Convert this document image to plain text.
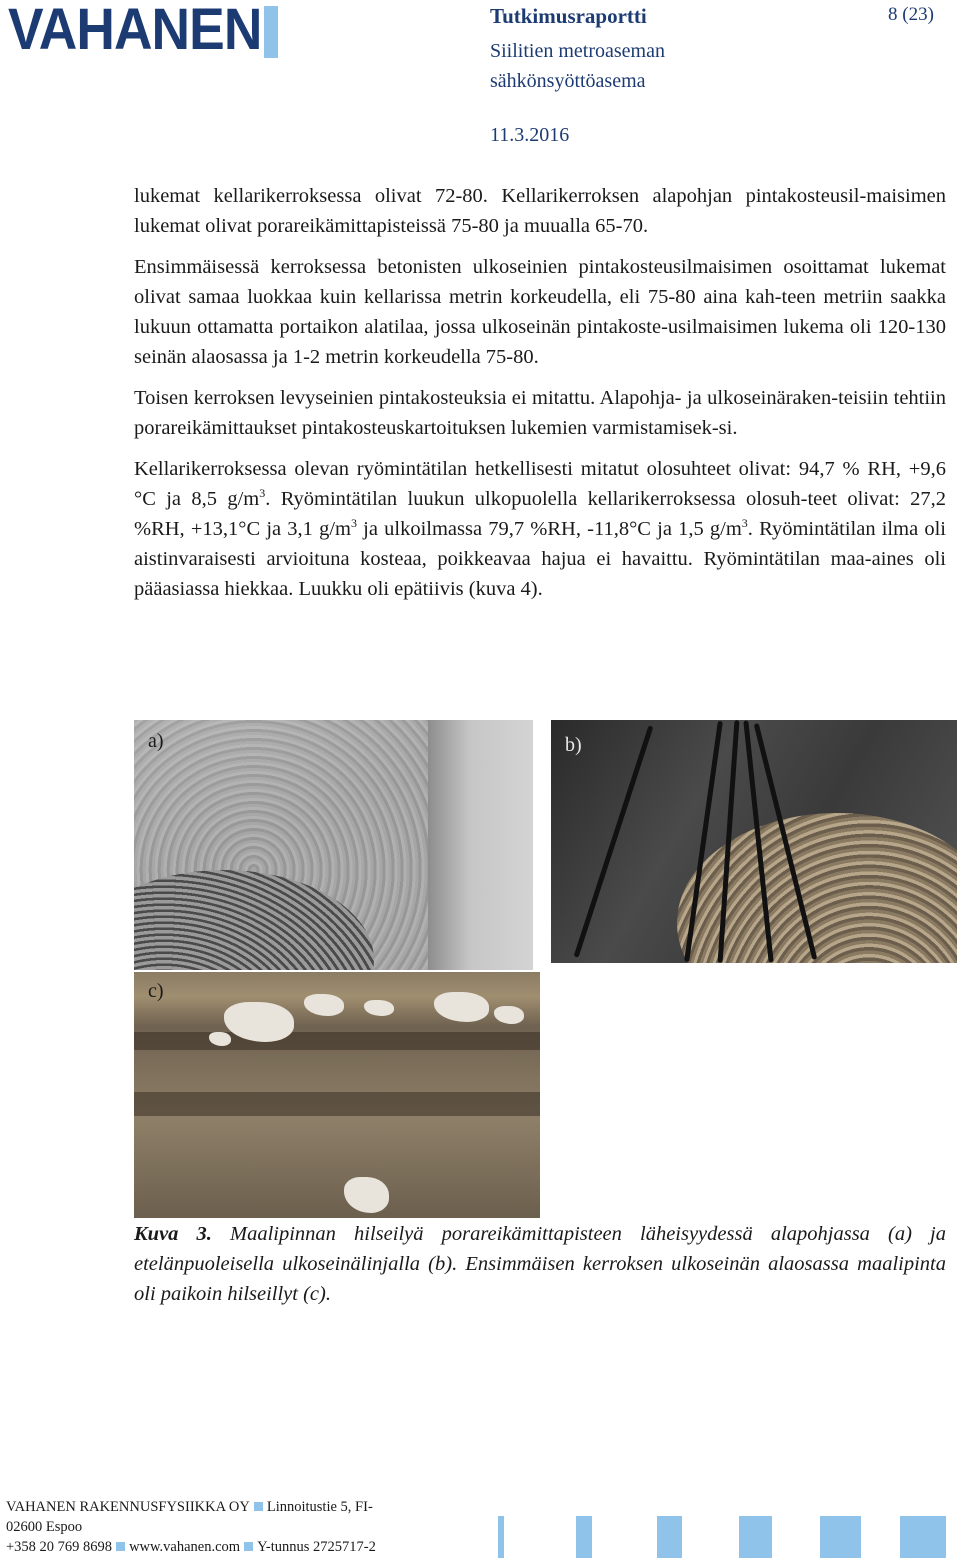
VAHANEN	Tutkimusraportti
Siilitien metroaseman
sähkönsyöttöasema
11.3.2016
8 (23)

lukemat kellarikerroksessa olivat 72-80. Kellarikerroksen alapohjan pintakosteusil-maisimen lukemat olivat porareikämittapisteissä 75-80 ja muualla 65-70.

Ensimmäisessä kerroksessa betonisten ulkoseinien pintakosteusilmaisimen osoittamat lukemat olivat samaa luokkaa kuin kellarissa metrin korkeudella, eli 75-80 aina kah-teen metriin saakka lukuun ottamatta portaikon alatilaa, jossa ulkoseinän pintakoste-usilmaisimen lukema oli 120-130 seinän alaosassa ja 1-2 metrin korkeudella 75-80.

Toisen kerroksen levyseinien pintakosteuksia ei mitattu. Alapohja- ja ulkoseinäraken-teisiin tehtiin porareikämittaukset pintakosteuskartoituksen lukemien varmistamisek-si.

Kellarikerroksessa olevan ryömintätilan hetkellisesti mitatut olosuhteet olivat: 94,7 % RH, +9,6 °C ja 8,5 $g/m^3$. Ryömintätilan luukun ulkopuolella kellarikerroksessa olosuh-teet olivat: 27,2 %RH, +13,1°C ja 3,1 $g/m^3$ ja ulkoilmassa 79,7 %RH, -11,8°C ja 1,5 $g/m^3$. Ryömintätilan ilma oli aistinvaraisesti arvioituna kosteaa, poikkeavaa hajua ei havaittu. Ryömintätilan maa-aines oli pääasiassa hiekkaa. Luukku oli epätiivis (kuva 4).

a)	b)
c)
Kuva 3. Maalipinnan hilseilyä porareikämittapisteen läheisyydessä alapohjassa (a) ja etelänpuoleisella ulkoseinälinjalla (b). Ensimmäisen kerroksen ulkoseinän alaosassa maalipinta oli paikoin hilseillyt (c).
VAHANEN RAKENNUSFYSIIKKA OY Linnoitustie 5, FI-
02600 Espoo
+358 20 769 8698 www.vahanen.com Y-tunnus 2725717-2
